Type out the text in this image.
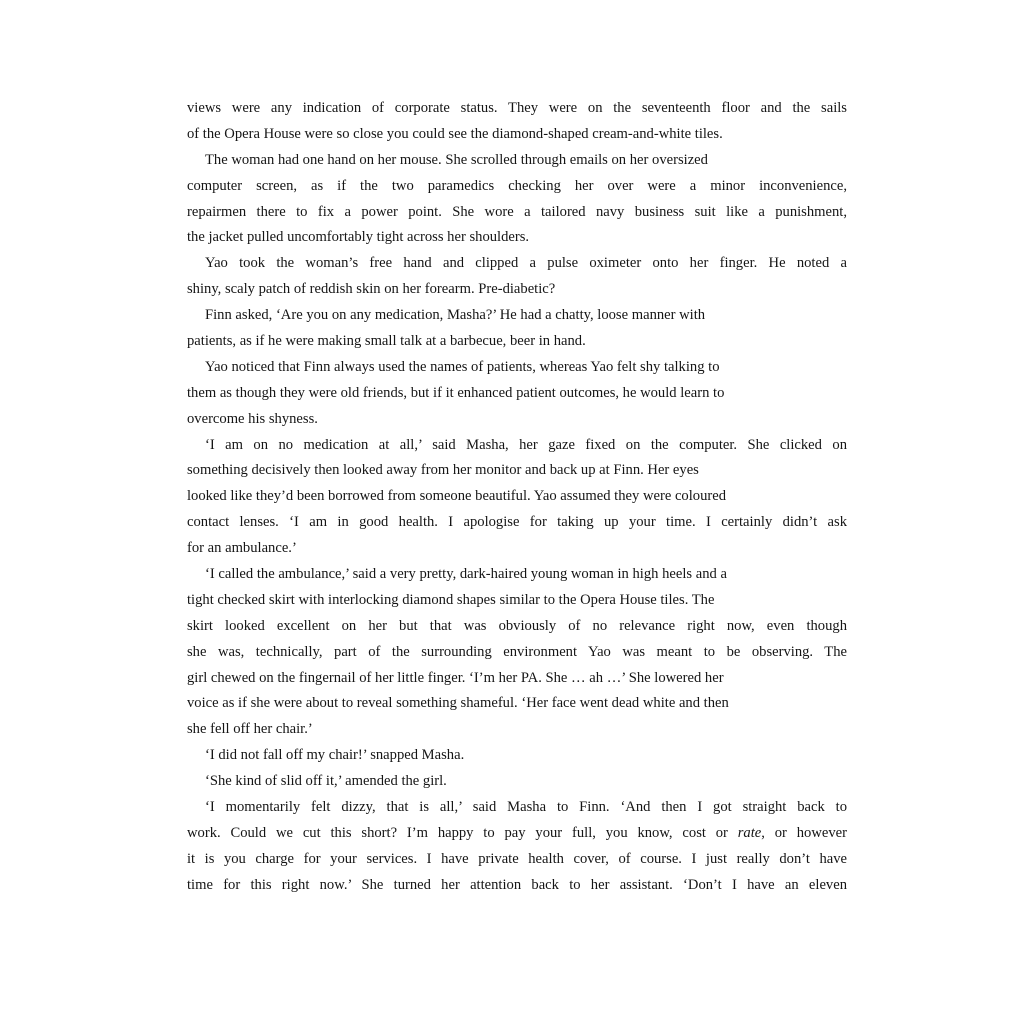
views were any indication of corporate status. They were on the seventeenth floor and the sails
of the Opera House were so close you could see the diamond-shaped cream-and-white tiles.
The woman had one hand on her mouse. She scrolled through emails on her oversized
computer screen, as if the two paramedics checking her over were a minor inconvenience,
repairmen there to fix a power point. She wore a tailored navy business suit like a punishment,
the jacket pulled uncomfortably tight across her shoulders.
Yao took the woman’s free hand and clipped a pulse oximeter onto her finger. He noted a
shiny, scaly patch of reddish skin on her forearm. Pre-diabetic?
Finn asked, ‘Are you on any medication, Masha?’ He had a chatty, loose manner with
patients, as if he were making small talk at a barbecue, beer in hand.
Yao noticed that Finn always used the names of patients, whereas Yao felt shy talking to
them as though they were old friends, but if it enhanced patient outcomes, he would learn to
overcome his shyness.
‘I am on no medication at all,’ said Masha, her gaze fixed on the computer. She clicked on
something decisively then looked away from her monitor and back up at Finn. Her eyes
looked like they’d been borrowed from someone beautiful. Yao assumed they were coloured
contact lenses. ‘I am in good health. I apologise for taking up your time. I certainly didn’t ask
for an ambulance.’
‘I called the ambulance,’ said a very pretty, dark-haired young woman in high heels and a
tight checked skirt with interlocking diamond shapes similar to the Opera House tiles. The
skirt looked excellent on her but that was obviously of no relevance right now, even though
she was, technically, part of the surrounding environment Yao was meant to be observing. The
girl chewed on the fingernail of her little finger. ‘I’m her PA. She … ah …’ She lowered her
voice as if she were about to reveal something shameful. ‘Her face went dead white and then
she fell off her chair.’
‘I did not fall off my chair!’ snapped Masha.
‘She kind of slid off it,’ amended the girl.
‘I momentarily felt dizzy, that is all,’ said Masha to Finn. ‘And then I got straight back to
work. Could we cut this short? I’m happy to pay your full, you know, cost or rate, or however
it is you charge for your services. I have private health cover, of course. I just really don’t have
time for this right now.’ She turned her attention back to her assistant. ‘Don’t I have an eleven
